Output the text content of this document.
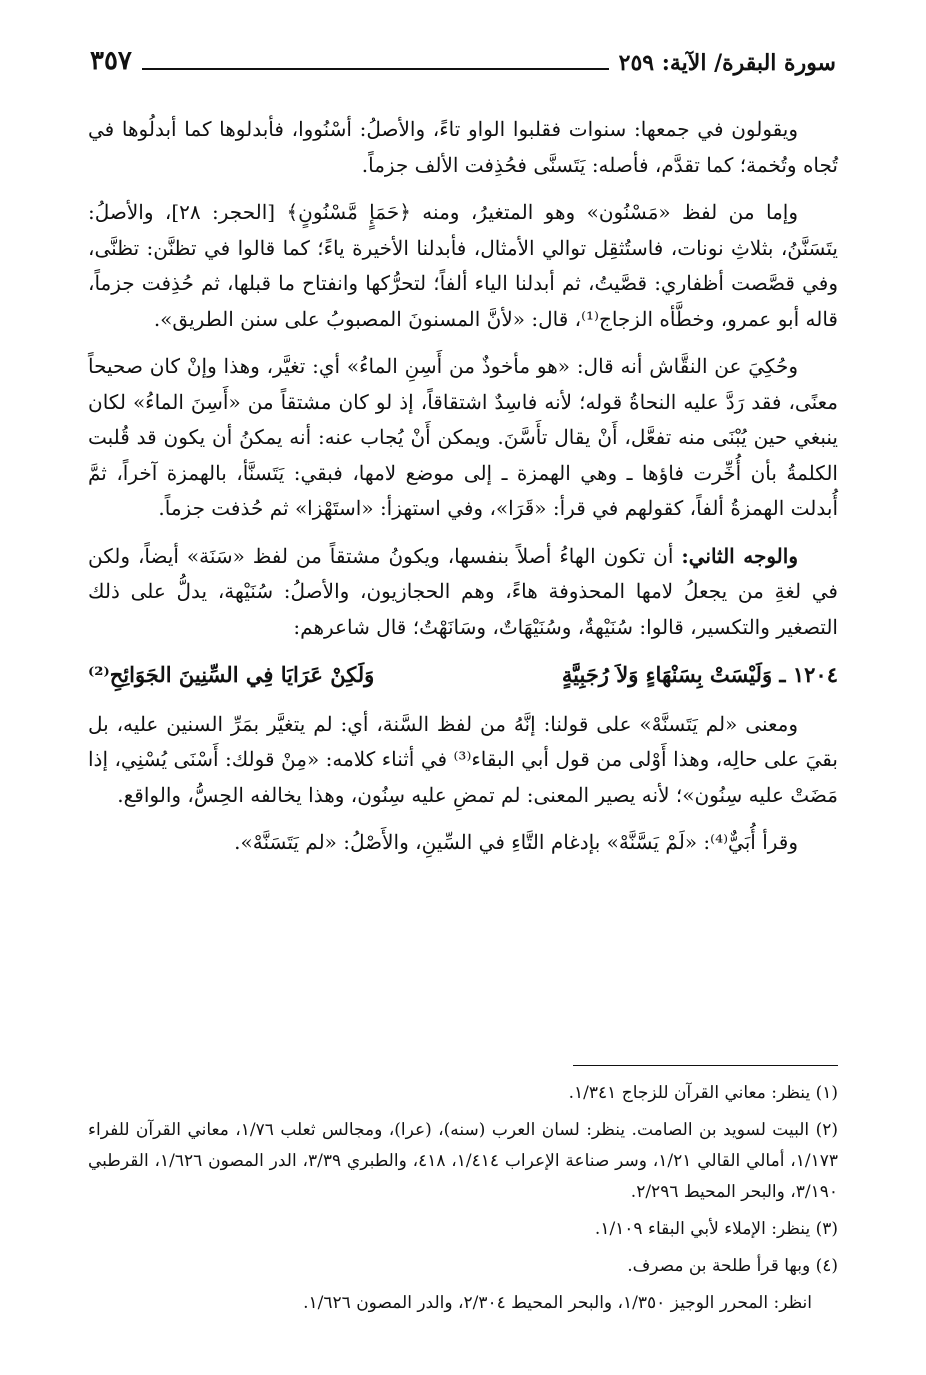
سورة البقرة/ الآية: ٢٥٩
٣٥٧

ويقولون في جمعها: سنوات فقلبوا الواو تاءً، والأصلُ: أسْنُووا، فأبدلوها كما أبدلُوها في تُجاه وتُخمة؛ كما تقدَّم، فأصله: يَتَسنَّى فحُذِفت الألف جزماً.

وإما من لفظ «مَسْنُون» وهو المتغيرُ، ومنه ﴿حَمَإٍ مَّسْنُونٍ﴾ [الحجر: ٢٨]، والأصلُ: يتَسَنَّنُ، بثلاثِ نونات، فاستُثقِل توالي الأمثال، فأبدلنا الأخيرة ياءً؛ كما قالوا في تظنَّن: تظنَّى، وفي قصَّصت أظفاري: قصَّيتُ، ثم أبدلنا الياء ألفاً؛ لتحرُّكها وانفتاح ما قبلها، ثم حُذِفت جزماً، قاله أبو عمرو، وخطَّأه الزجاج⁽¹⁾، قال: «لأنَّ المسنونَ المصبوبُ على سنن الطريق».

وحُكِيَ عن النقَّاش أنه قال: «هو مأخوذٌ من أَسِنِ الماءُ» أي: تغيَّر، وهذا وإنْ كان صحيحاً معنًى، فقد رَدَّ عليه النحاةُ قوله؛ لأنه فاسِدٌ اشتقاقاً، إذ لو كان مشتقاً من «أَسِنَ الماءُ» لكان ينبغي حين يُبْنَى منه تفعَّل، أَنْ يقال تأَسَّنَ. ويمكن أَنْ يُجاب عنه: أنه يمكنُ أن يكون قد قُلبت الكلمةُ بأن أُخِّرت فاؤها ـ وهي الهمزة ـ إلى موضع لامها، فبقي: يَتَسنَّأ، بالهمزة آخراً، ثمَّ أُبدلت الهمزةُ ألفاً، كقولهم في قرأ: «قَرَا»، وفي استهزأ: «استَهْزا» ثم حُذفت جزماً.

والوجه الثاني: أن تكون الهاءُ أصلاً بنفسها، ويكونُ مشتقاً من لفظ «سَنَة» أيضاً، ولكن في لغةِ من يجعلُ لامها المحذوفة هاءً، وهم الحجازيون، والأصلُ: سُنَيْهة، يدلُّ على ذلك التصغير والتكسير، قالوا: سُنَيْهةٌ، وسُنَيْهَاتٌ، وسَانَهْتُ؛ قال شاعرهم:

١٢٠٤ ـ وَلَيْسَتْ بِسَنْهَاءٍ وَلاَ رُجَبِيَّةٍ
وَلَكِنْ عَرَايَا فِي السِّنِينَ الجَوَائِحِ⁽²⁾

ومعنى «لم يَتَسنَّهْ» على قولنا: إنَّهُ من لفظ السَّنة، أي: لم يتغيَّر بمَرِّ السنين عليه، بل بقيَ على حالِه، وهذا أَوْلى من قول أبي البقاء⁽³⁾ في أثناء كلامه: «مِنْ قولك: أَسْنَى يُسْنِي، إذا مَضَتْ عليه سِنُون»؛ لأنه يصير المعنى: لم تمضِ عليه سِنُون، وهذا يخالفه الحِسُّ، والواقع.

وقرأ أُبَيٌّ⁽⁴⁾: «لَمْ يَسَّنَّهْ» بإدغام التَّاءِ في السِّينِ، والأَصْلُ: «لم يَتَسَنَّهْ».

(١) ينظر: معاني القرآن للزجاج ١/٣٤١.

(٢) البيت لسويد بن الصامت. ينظر: لسان العرب (سنه)، (عرا)، ومجالس ثعلب ١/٧٦، معاني القرآن للفراء ١/١٧٣، أمالي القالي ١/٢١، وسر صناعة الإعراب ١/٤١٤، ٤١٨، والطبري ٣/٣٩، الدر المصون ١/٦٢٦، القرطبي ٣/١٩٠، والبحر المحيط ٢/٢٩٦.

(٣) ينظر: الإملاء لأبي البقاء ١/١٠٩.

(٤) وبها قرأ طلحة بن مصرف.

انظر: المحرر الوجيز ١/٣٥٠، والبحر المحيط ٢/٣٠٤، والدر المصون ١/٦٢٦.
